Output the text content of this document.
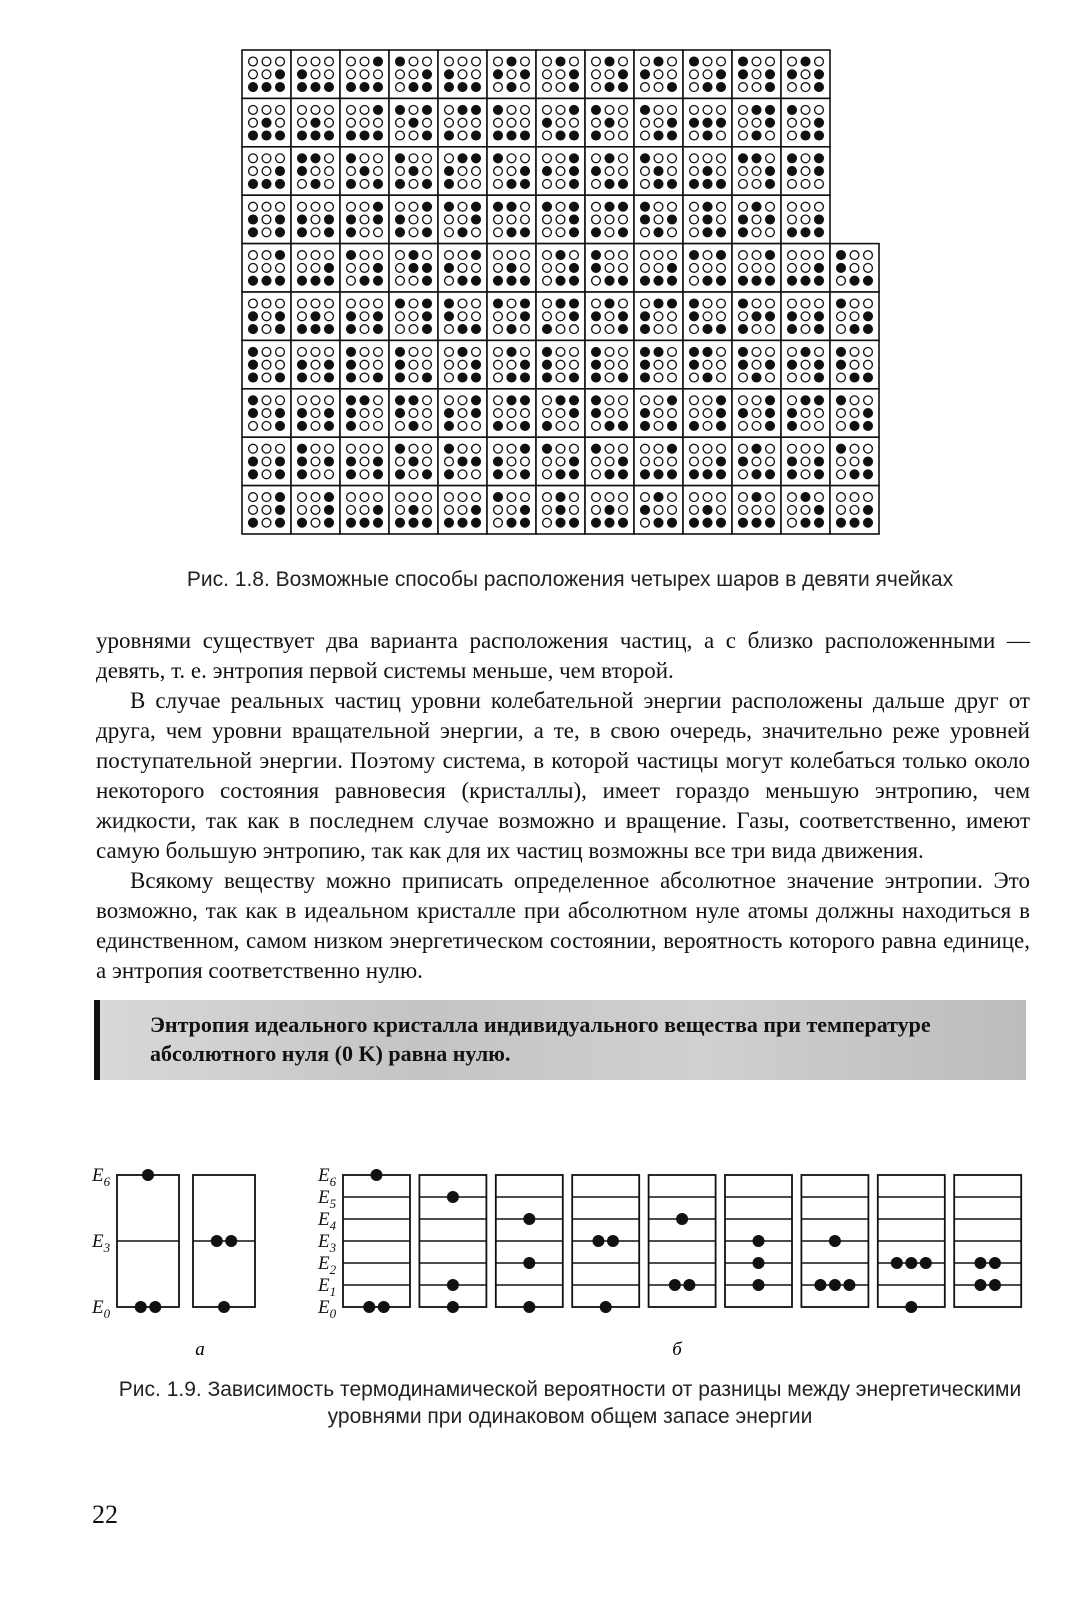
Рис. 1.8. Возможные способы расположения четырех шаров в девяти ячейках

уровнями существует два варианта расположения частиц, а с близко расположенными — девять, т. е. энтропия первой системы меньше, чем второй.

В случае реальных частиц уровни колебательной энергии расположены дальше друг от друга, чем уровни вращательной энергии, а те, в свою очередь, значительно реже уровней поступательной энергии. Поэтому система, в которой частицы могут колебаться только около некоторого состояния равновесия (кристаллы), имеет гораздо меньшую энтропию, чем жидкости, так как в последнем случае возможно и вращение. Газы, соответственно, имеют самую большую энтропию, так как для их частиц возможны все три вида движения.

Всякому веществу можно приписать определенное абсолютное значение энтропии. Это возможно, так как в идеальном кристалле при абсолютном нуле атомы должны находиться в единственном, самом низком энергетическом состоянии, вероятность которого равна единице, а энтропия соответственно нулю.

Энтропия идеального кристалла индивидуального вещества при температуре абсолютного нуля (0 K) равна нулю.
$E_6$
$E_3$
$E_0$
а
$E_6$
$E_5$
$E_4$
$E_3$
$E_2$
$E_1$
$E_0$
б
Рис. 1.9. Зависимость термодинамической вероятности от разницы между энергетическими уровнями при одинаковом общем запасе энергии
22
